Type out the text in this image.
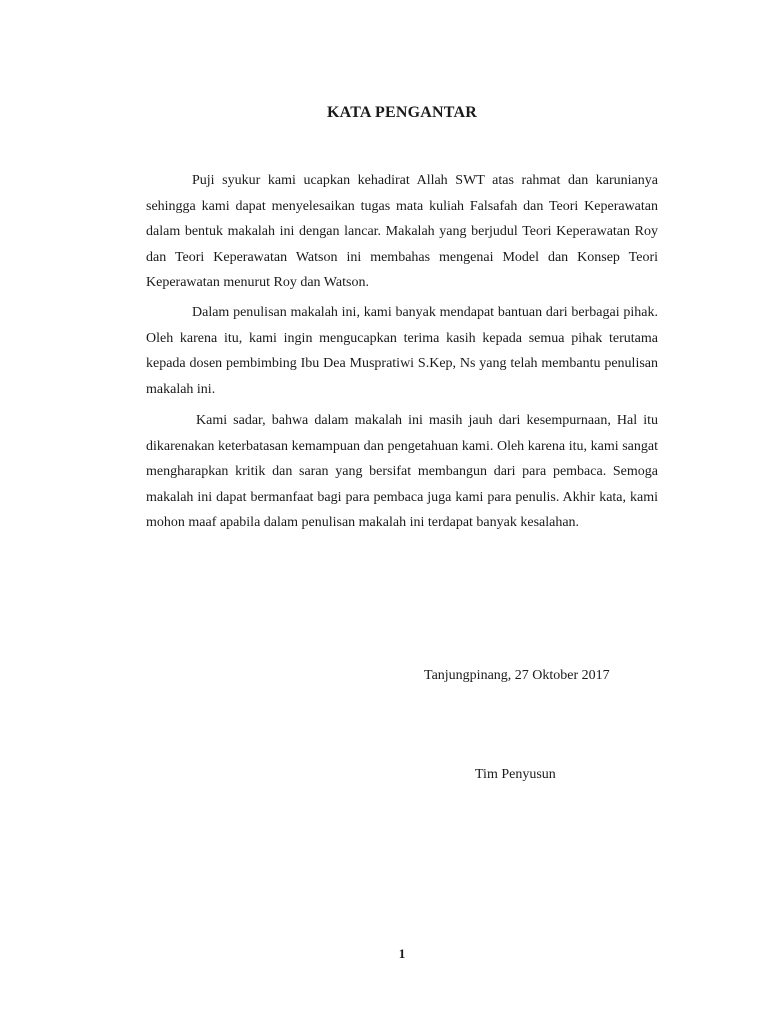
KATA PENGANTAR

Puji syukur kami ucapkan kehadirat Allah SWT atas rahmat dan karunianya sehingga kami dapat menyelesaikan tugas mata kuliah Falsafah dan Teori Keperawatan dalam bentuk makalah ini dengan lancar. Makalah yang berjudul Teori Keperawatan Roy dan Teori Keperawatan Watson ini membahas mengenai Model dan Konsep Teori Keperawatan menurut Roy dan Watson.

Dalam penulisan makalah ini, kami banyak mendapat bantuan dari berbagai pihak. Oleh karena itu, kami ingin mengucapkan terima kasih kepada semua pihak terutama kepada dosen pembimbing Ibu Dea Muspratiwi S.Kep, Ns yang telah membantu penulisan makalah ini.

Kami sadar, bahwa dalam makalah ini masih jauh dari kesempurnaan, Hal itu dikarenakan keterbatasan kemampuan dan pengetahuan kami. Oleh karena itu, kami sangat mengharapkan kritik dan saran yang bersifat membangun dari para pembaca. Semoga makalah ini dapat bermanfaat bagi para pembaca juga kami para penulis. Akhir kata, kami mohon maaf apabila dalam penulisan makalah ini terdapat banyak kesalahan.

Tanjungpinang, 27 Oktober 2017
Tim Penyusun
1
